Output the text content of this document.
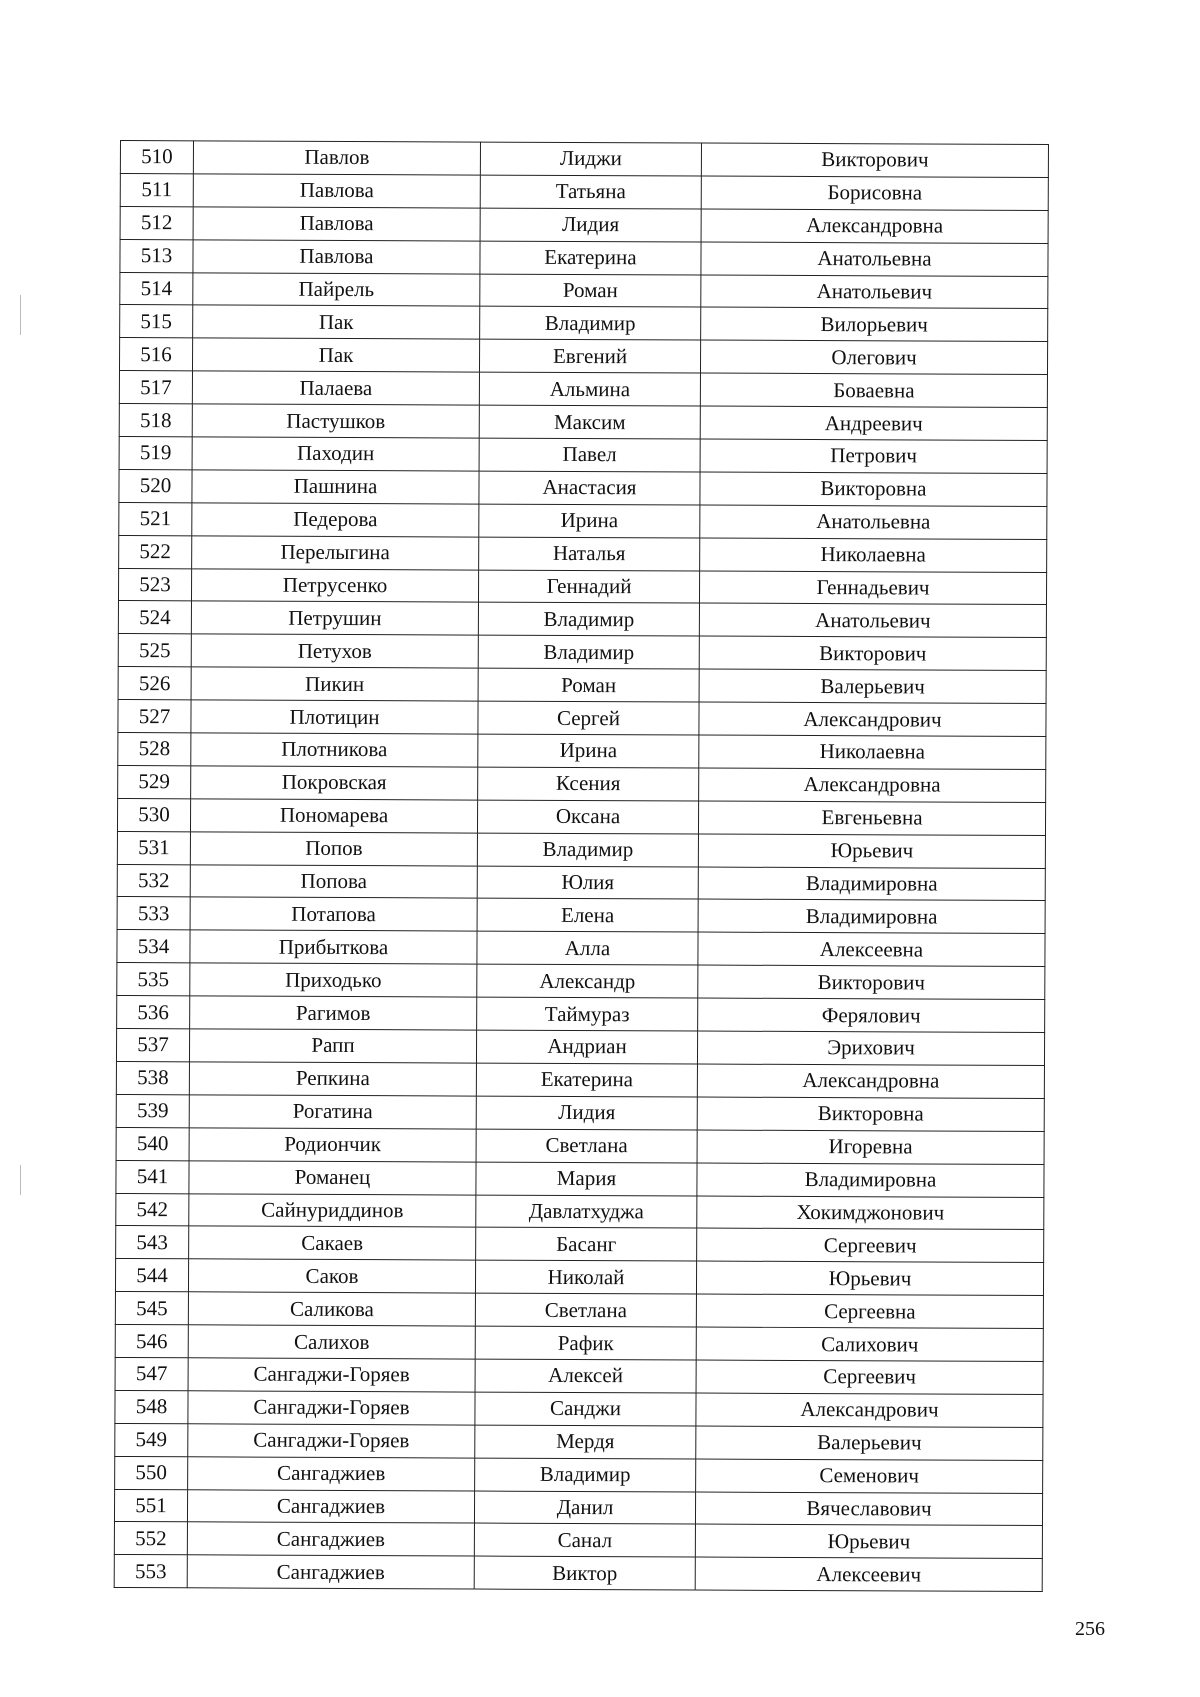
510	Павлов	Лиджи	Викторович
511	Павлова	Татьяна	Борисовна
512	Павлова	Лидия	Александровна
513	Павлова	Екатерина	Анатольевна
514	Пайрель	Роман	Анатольевич
515	Пак	Владимир	Вилорьевич
516	Пак	Евгений	Олегович
517	Палаева	Альмина	Боваевна
518	Пастушков	Максим	Андреевич
519	Паходин	Павел	Петрович
520	Пашнина	Анастасия	Викторовна
521	Педерова	Ирина	Анатольевна
522	Перелыгина	Наталья	Николаевна
523	Петрусенко	Геннадий	Геннадьевич
524	Петрушин	Владимир	Анатольевич
525	Петухов	Владимир	Викторович
526	Пикин	Роман	Валерьевич
527	Плотицин	Сергей	Александрович
528	Плотникова	Ирина	Николаевна
529	Покровская	Ксения	Александровна
530	Пономарева	Оксана	Евгеньевна
531	Попов	Владимир	Юрьевич
532	Попова	Юлия	Владимировна
533	Потапова	Елена	Владимировна
534	Прибыткова	Алла	Алексеевна
535	Приходько	Александр	Викторович
536	Рагимов	Таймураз	Ферялович
537	Рапп	Андриан	Эрихович
538	Репкина	Екатерина	Александровна
539	Рогатина	Лидия	Викторовна
540	Родиончик	Светлана	Игоревна
541	Романец	Мария	Владимировна
542	Сайнуриддинов	Давлатхуджа	Хокимджонович
543	Сакаев	Басанг	Сергеевич
544	Саков	Николай	Юрьевич
545	Саликова	Светлана	Сергеевна
546	Салихов	Рафик	Салихович
547	Сангаджи-Горяев	Алексей	Сергеевич
548	Сангаджи-Горяев	Санджи	Александрович
549	Сангаджи-Горяев	Мердя	Валерьевич
550	Сангаджиев	Владимир	Семенович
551	Сангаджиев	Данил	Вячеславович
552	Сангаджиев	Санал	Юрьевич
553	Сангаджиев	Виктор	Алексеевич
256
